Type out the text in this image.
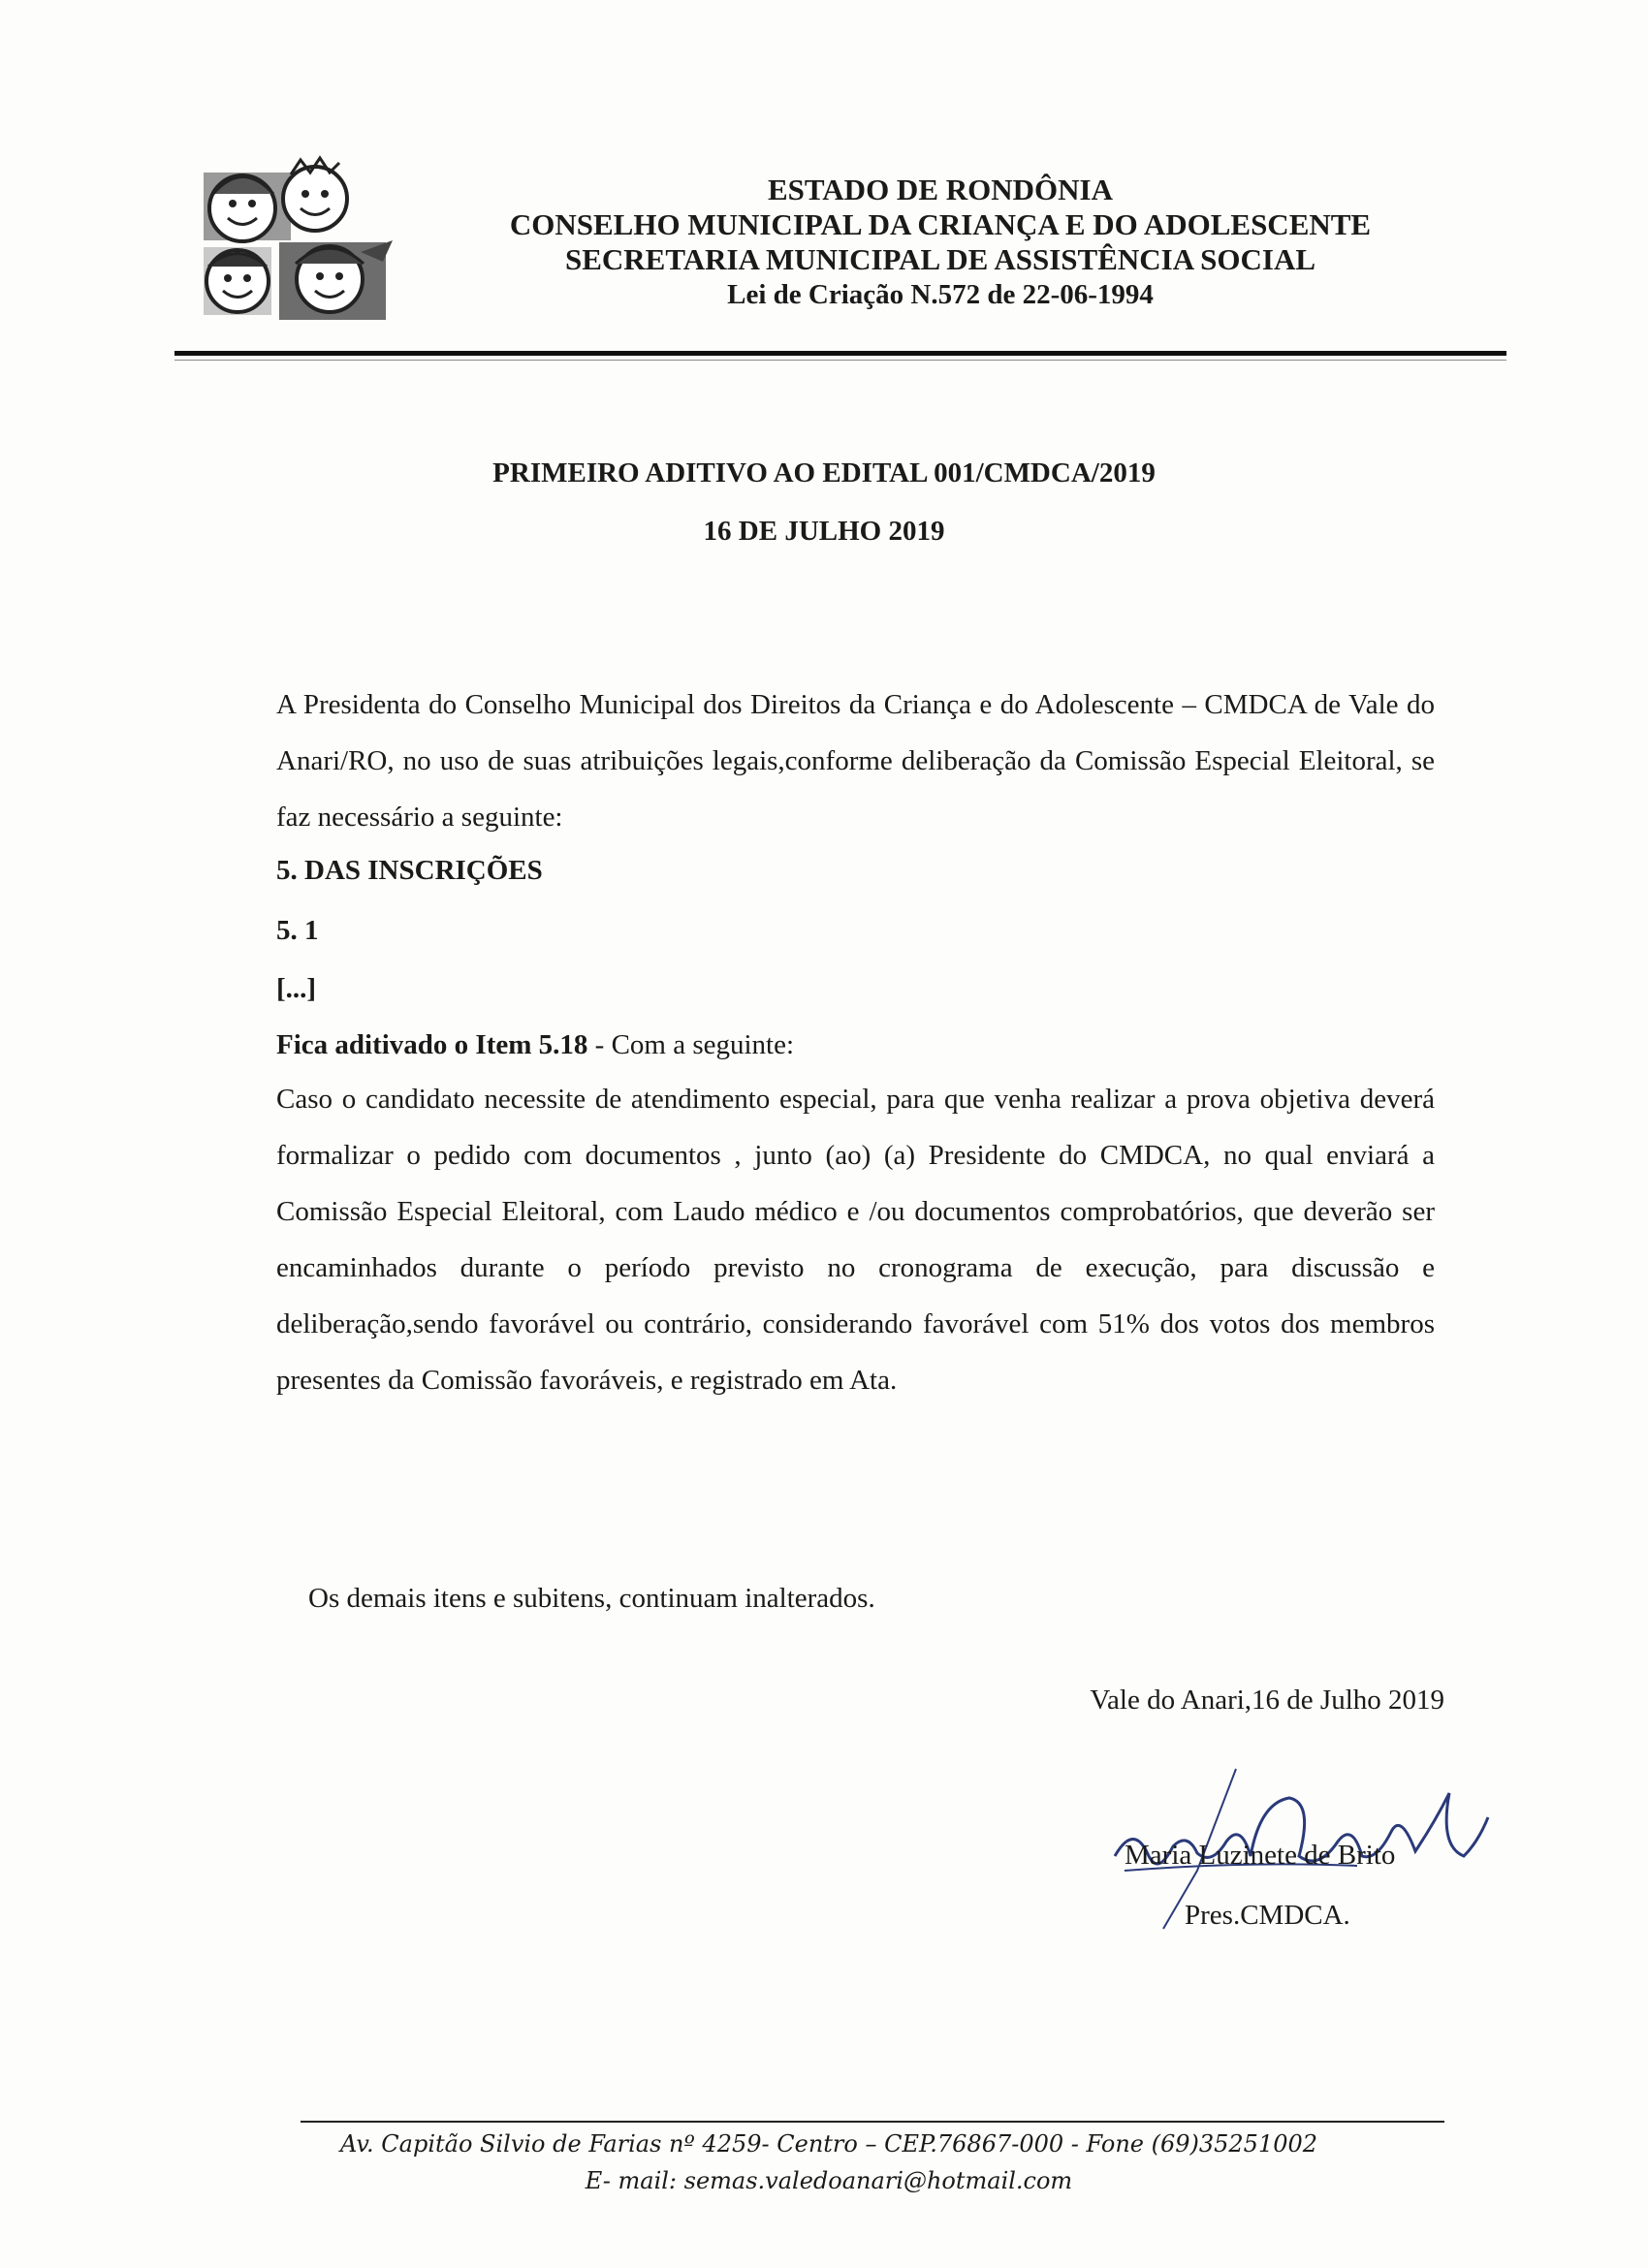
ESTADO DE RONDÔNIA
CONSELHO MUNICIPAL DA CRIANÇA E DO ADOLESCENTE
SECRETARIA MUNICIPAL DE ASSISTÊNCIA SOCIAL
Lei de Criação N.572 de 22-06-1994
PRIMEIRO ADITIVO AO EDITAL 001/CMDCA/2019
16 DE JULHO 2019
A Presidenta do Conselho Municipal dos Direitos da Criança e do Adolescente – CMDCA de Vale do Anari/RO, no uso de suas atribuições legais,conforme deliberação da Comissão Especial Eleitoral, se faz necessário a seguinte:
5. DAS INSCRIÇÕES
5. 1
[...]
Fica aditivado o Item 5.18 - Com a seguinte:
Caso o candidato necessite de atendimento especial, para que venha realizar a prova objetiva deverá formalizar o pedido com documentos , junto (ao) (a) Presidente do CMDCA, no qual enviará a Comissão Especial Eleitoral, com Laudo médico e /ou documentos comprobatórios, que deverão ser encaminhados durante o período previsto no cronograma de execução, para discussão e deliberação,sendo favorável ou contrário, considerando favorável com 51% dos votos dos membros presentes da Comissão favoráveis, e registrado em Ata.
Os demais itens e subitens, continuam inalterados.
Vale do Anari,16 de Julho 2019
Maria Luzinete de Brito
Pres.CMDCA.
Av. Capitão Silvio de Farias nº 4259- Centro – CEP.76867-000 - Fone (69)35251002
E- mail: semas.valedoanari@hotmail.com
